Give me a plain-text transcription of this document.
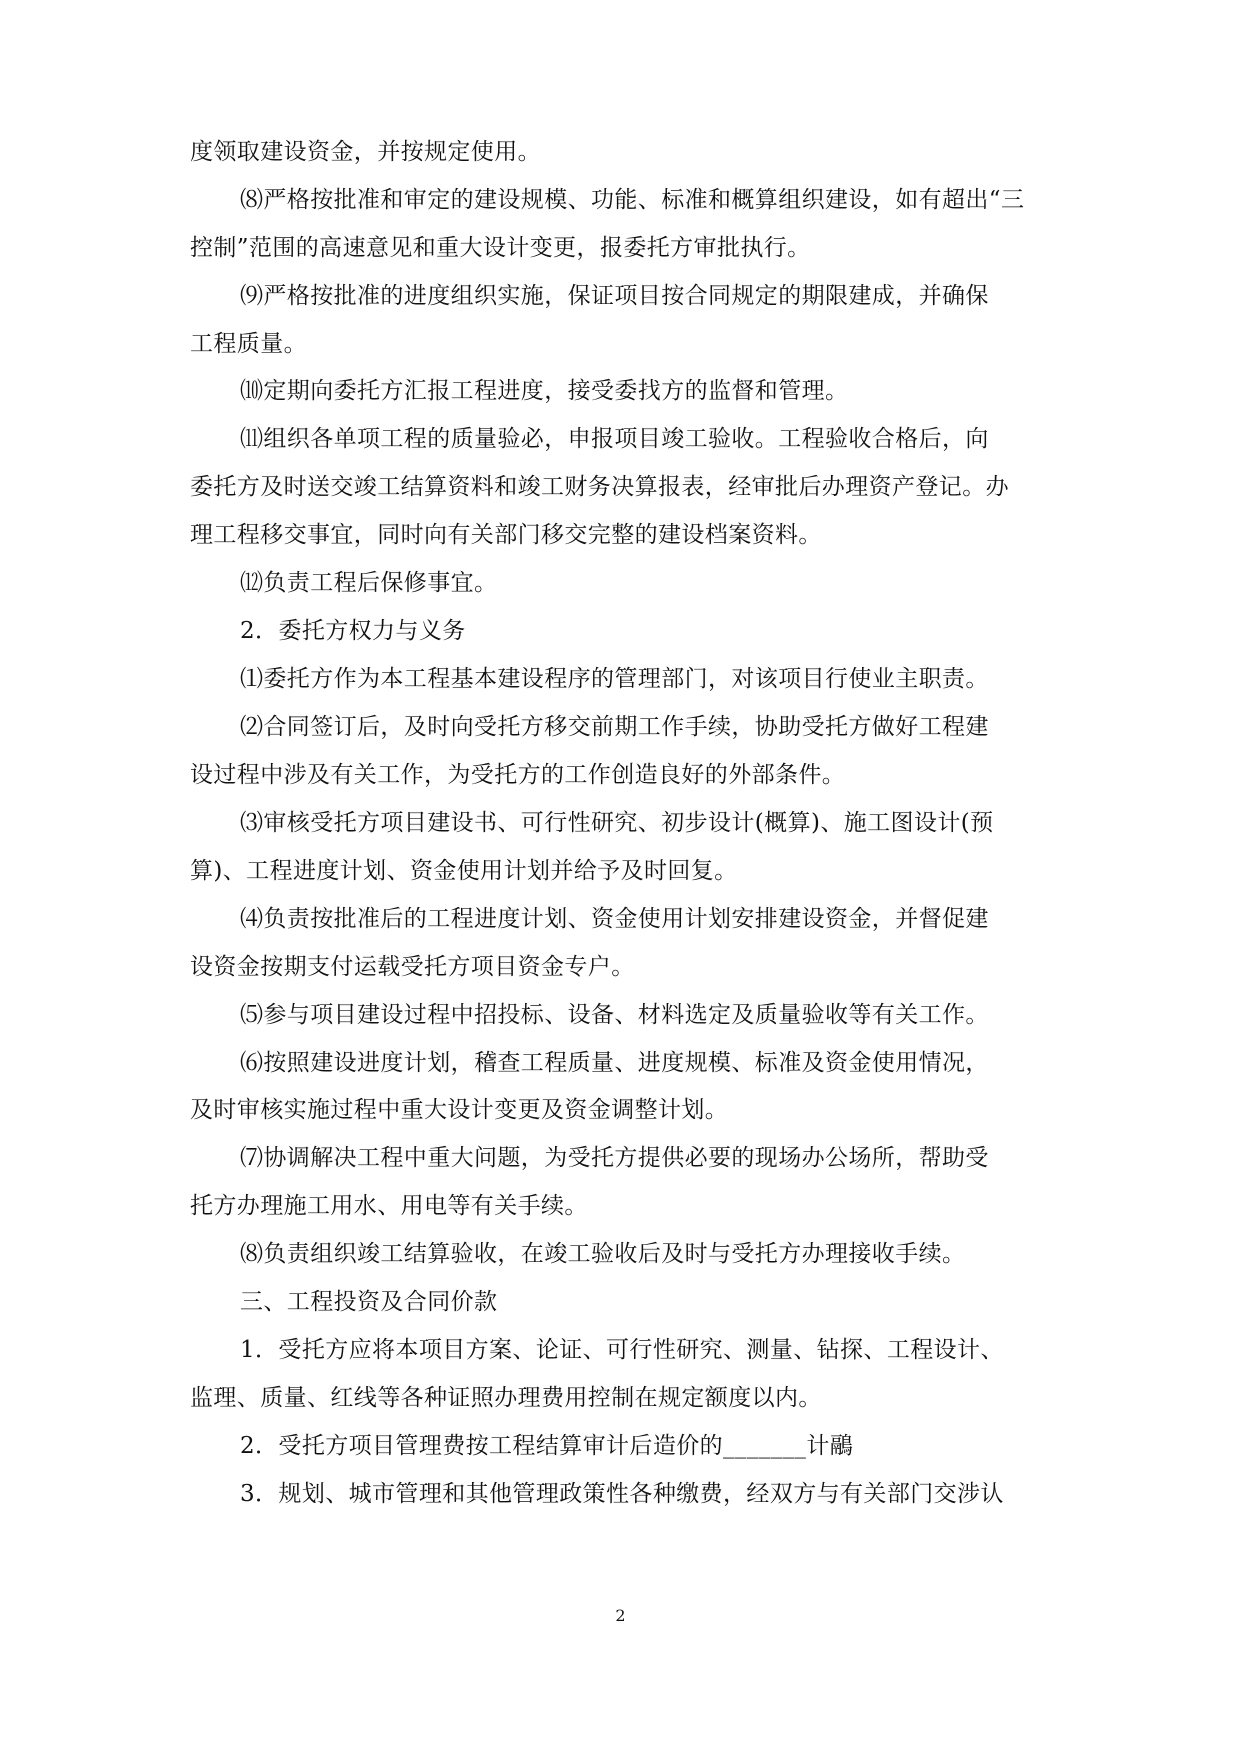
度领取建设资金，并按规定使用。
⑻严格按批准和审定的建设规模、功能、标准和概算组织建设，如有超出“三
控制”范围的高速意见和重大设计变更，报委托方审批执行。
⑼严格按批准的进度组织实施，保证项目按合同规定的期限建成，并确保
工程质量。
⑽定期向委托方汇报工程进度，接受委找方的监督和管理。
⑾组织各单项工程的质量验必，申报项目竣工验收。工程验收合格后，向
委托方及时送交竣工结算资料和竣工财务决算报表，经审批后办理资产登记。办
理工程移交事宜，同时向有关部门移交完整的建设档案资料。
⑿负责工程后保修事宜。
2．委托方权力与义务
⑴委托方作为本工程基本建设程序的管理部门，对该项目行使业主职责。
⑵合同签订后，及时向受托方移交前期工作手续，协助受托方做好工程建
设过程中涉及有关工作，为受托方的工作创造良好的外部条件。
⑶审核受托方项目建设书、可行性研究、初步设计(概算)、施工图设计(预
算)、工程进度计划、资金使用计划并给予及时回复。
⑷负责按批准后的工程进度计划、资金使用计划安排建设资金，并督促建
设资金按期支付运载受托方项目资金专户。
⑸参与项目建设过程中招投标、设备、材料选定及质量验收等有关工作。
⑹按照建设进度计划，稽查工程质量、进度规模、标准及资金使用情况，
及时审核实施过程中重大设计变更及资金调整计划。
⑺协调解决工程中重大问题，为受托方提供必要的现场办公场所，帮助受
托方办理施工用水、用电等有关手续。
⑻负责组织竣工结算验收，在竣工验收后及时与受托方办理接收手续。
三、工程投资及合同价款
1．受托方应将本项目方案、论证、可行性研究、测量、钻探、工程设计、
监理、质量、红线等各种证照办理费用控制在规定额度以内。
2．受托方项目管理费按工程结算审计后造价的_______计鷊
3．规划、城市管理和其他管理政策性各种缴费，经双方与有关部门交涉认
2
